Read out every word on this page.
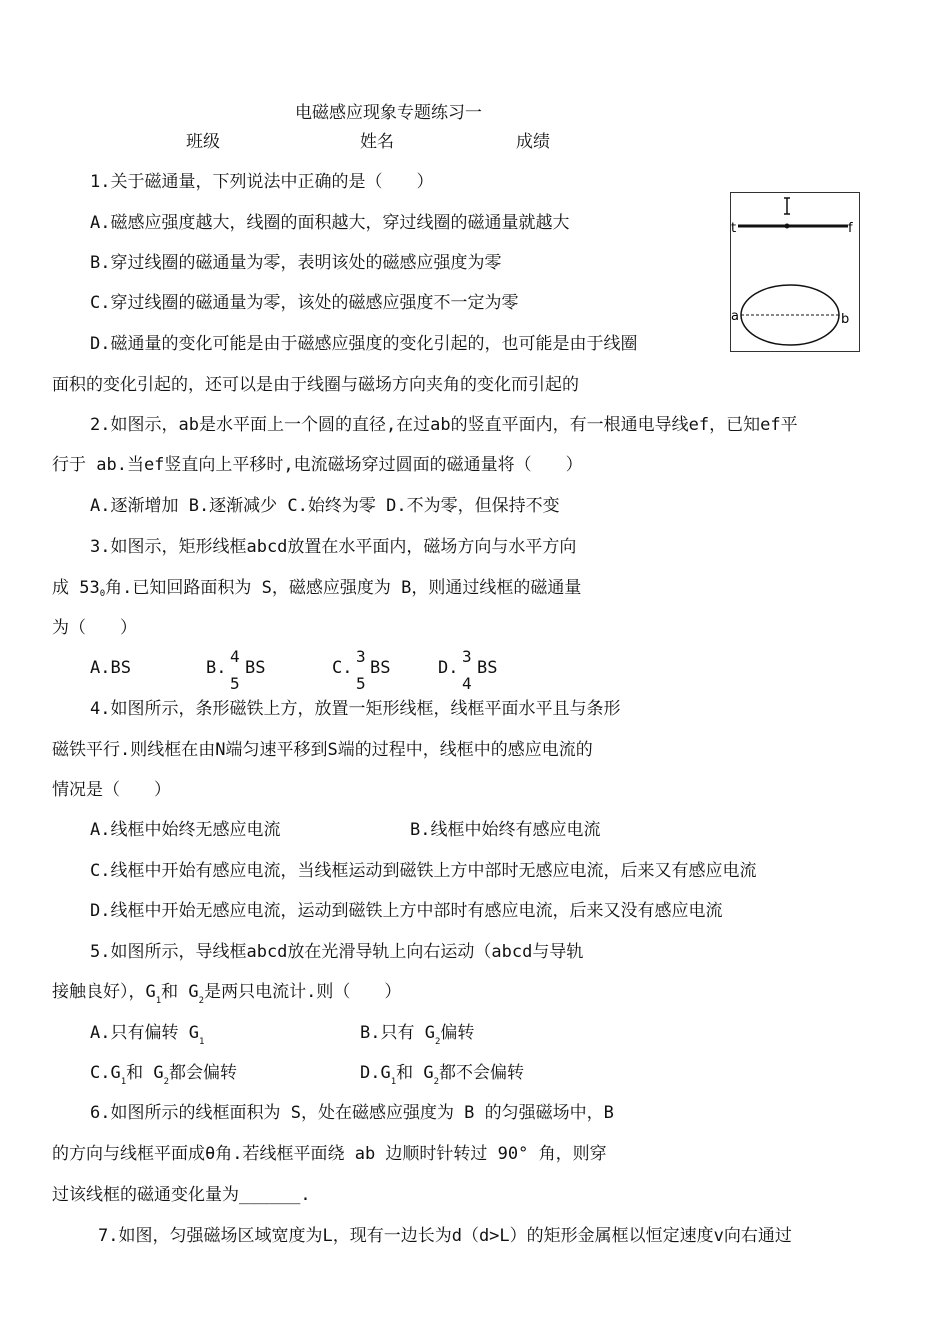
电磁感应现象专题练习一
班级	姓名	成绩
1.关于磁通量，下列说法中正确的是（　　）
A.磁感应强度越大，线圈的面积越大，穿过线圈的磁通量就越大
B.穿过线圈的磁通量为零，表明该处的磁感应强度为零
C.穿过线圈的磁通量为零，该处的磁感应强度不一定为零
D.磁通量的变化可能是由于磁感应强度的变化引起的，也可能是由于线圈
面积的变化引起的，还可以是由于线圈与磁场方向夹角的变化而引起的
t	f
a	b
2.如图示，ab是水平面上一个圆的直径,在过ab的竖直平面内，有一根通电导线ef，已知ef平
行于 ab.当ef竖直向上平移时,电流磁场穿过圆面的磁通量将（　　）
A.逐渐增加 B.逐渐减少 C.始终为零 D.不为零，但保持不变
3.如图示，矩形线框abcd放置在水平面内，磁场方向与水平方向
成 530角.已知回路面积为 S，磁感应强度为 B，则通过线框的磁通量
为（　　）
A.BS	B.
4
BS
5
C.
3
BS
5
D.
3
BS
4
4.如图所示，条形磁铁上方，放置一矩形线框，线框平面水平且与条形
磁铁平行.则线框在由N端匀速平移到S端的过程中，线框中的感应电流的
情况是（　　）
A.线框中始终无感应电流	B.线框中始终有感应电流
C.线框中开始有感应电流，当线框运动到磁铁上方中部时无感应电流，后来又有感应电流
D.线框中开始无感应电流，运动到磁铁上方中部时有感应电流，后来又没有感应电流
5.如图所示，导线框abcd放在光滑导轨上向右运动（abcd与导轨
接触良好），$G_1$和 $G_2$是两只电流计.则（　　）
A.只有偏转 $G_1$	B.只有 $G_2$偏转
$C.G_1$和 $G_2$都会偏转	$D.G_1$和 $G_2$都不会偏转
6.如图所示的线框面积为 S，处在磁感应强度为 B 的匀强磁场中，B
的方向与线框平面成θ角.若线框平面绕 ab 边顺时针转过 90° 角，则穿
过该线框的磁通变化量为______.
7.如图，匀强磁场区域宽度为L，现有一边长为d（d>L）的矩形金属框以恒定速度v向右通过
